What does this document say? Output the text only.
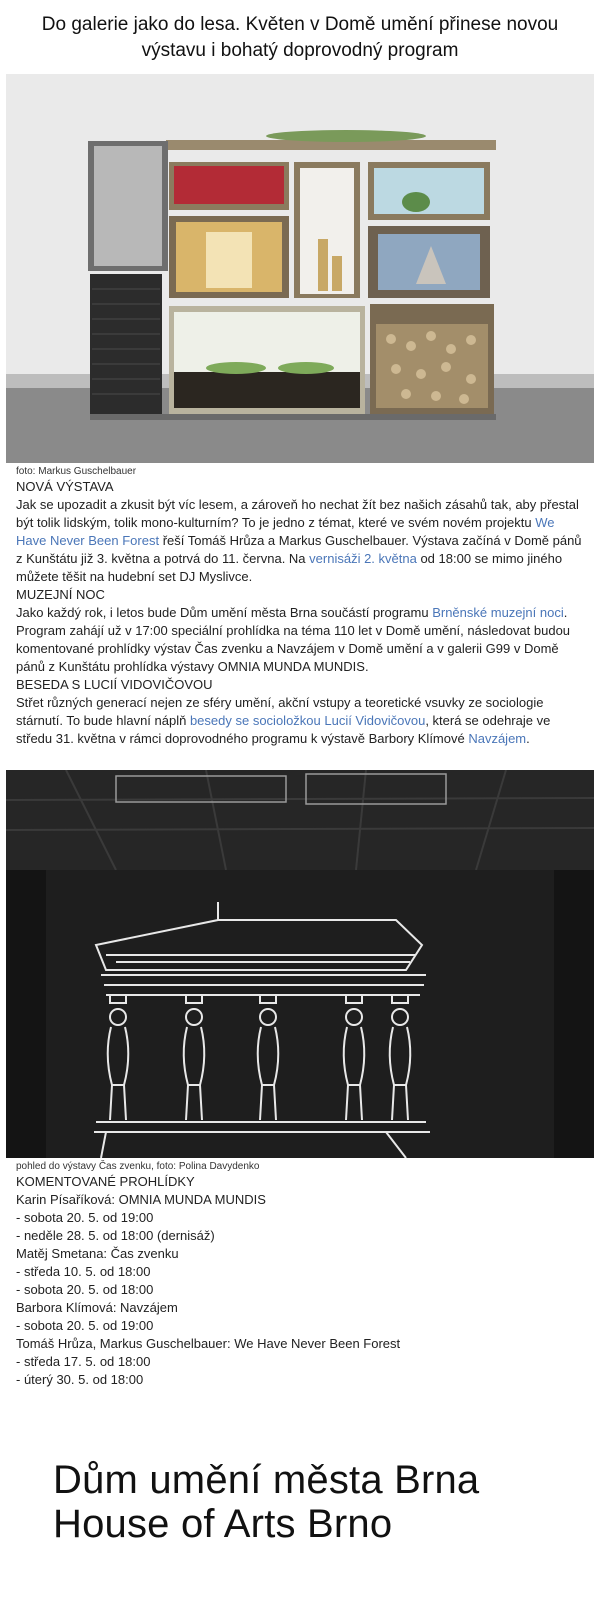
Do galerie jako do lesa. Květen v Domě umění přinese novou výstavu i bohatý doprovodný program
foto: Markus Guschelbauer

NOVÁ VÝSTAVA

Jak se upozadit a zkusit být víc lesem, a zároveň ho nechat žít bez našich zásahů tak, aby přestal být tolik lidským, tolik mono-kulturním? To je jedno z témat, které ve svém novém projektu We Have Never Been Forest řeší Tomáš Hrůza a Markus Guschelbauer. Výstava začíná v Domě pánů z Kunštátu již 3. května a potrvá do 11. června. Na vernisáži 2. května od 18:00 se mimo jiného můžete těšit na hudební set DJ Myslivce.

MUZEJNÍ NOC

Jako každý rok, i letos bude Dům umění města Brna součástí programu Brněnské muzejní noci. Program zahájí už v 17:00 speciální prohlídka na téma 110 let v Domě umění, následovat budou komentované prohlídky výstav Čas zvenku a Navzájem v Domě umění a v galerii G99 v Domě pánů z Kunštátu prohlídka výstavy OMNIA MUNDA MUNDIS.

BESEDA S LUCIÍ VIDOVIČOVOU

Střet různých generací nejen ze sféry umění, akční vstupy a teoretické vsuvky ze sociologie stárnutí. To bude hlavní náplň besedy se socioložkou Lucií Vidovičovou, která se odehraje ve středu 31. května v rámci doprovodného programu k výstavě Barbory Klímové Navzájem.

pohled do výstavy Čas zvenku, foto: Polina Davydenko

KOMENTOVANÉ PROHLÍDKY

Karin Písaříková: OMNIA MUNDA MUNDIS

- sobota 20. 5. od 19:00

- neděle 28. 5. od 18:00 (dernisáž)

Matěj Smetana: Čas zvenku

- středa 10. 5. od 18:00

- sobota 20. 5. od 18:00

Barbora Klímová: Navzájem

- sobota 20. 5. od 19:00

Tomáš Hrůza, Markus Guschelbauer: We Have Never Been Forest

- středa 17. 5. od 18:00

- úterý 30. 5. od 18:00

Dům umění města Brna
House of Arts Brno
